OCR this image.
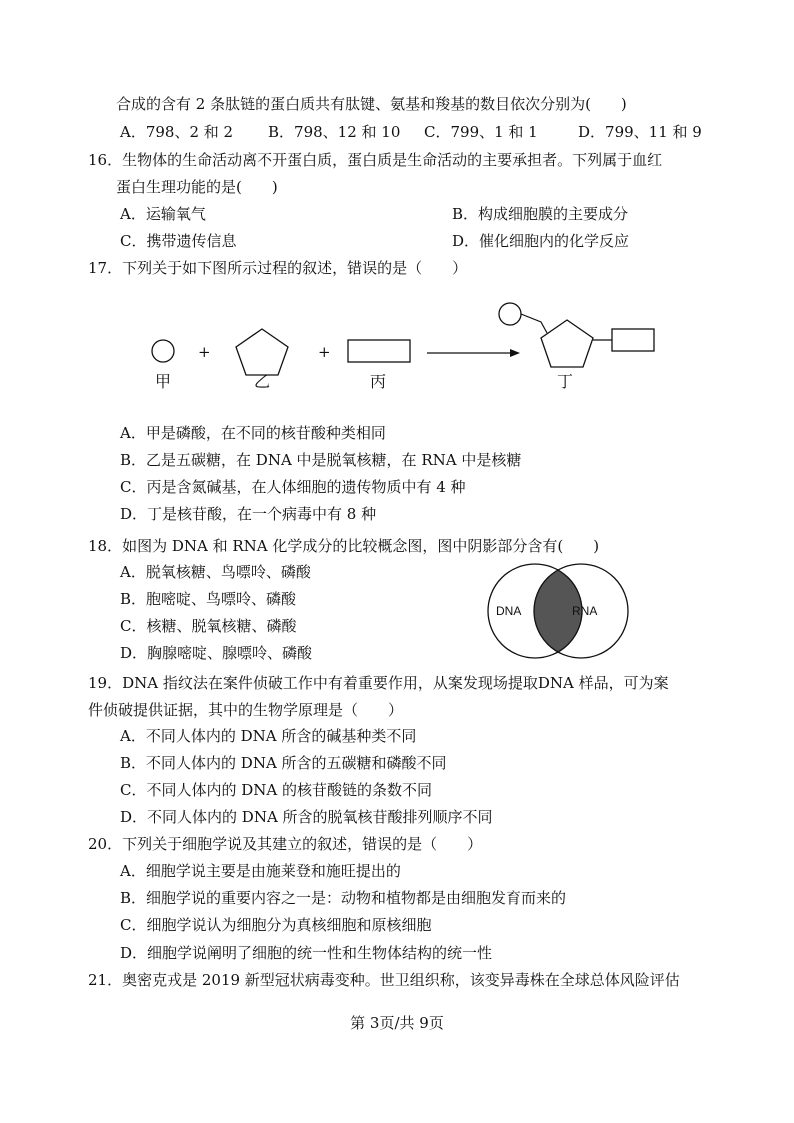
合成的含有 2 条肽链的蛋白质共有肽键、氨基和羧基的数目依次分别为(　　)
A．798、2 和 2 B．798、12 和 10 C．799、1 和 1	D．799、11 和 9
16．生物体的生命活动离不开蛋白质，蛋白质是生命活动的主要承担者。下列属于血红
蛋白生理功能的是(　　)
A．运输氧气	B．构成细胞膜的主要成分
C．携带遗传信息	D．催化细胞内的化学反应
17．下列关于如下图所示过程的叙述，错误的是（　　）
+	+
甲	乙	丙	丁
A．甲是磷酸，在不同的核苷酸种类相同
B．乙是五碳糖，在 DNA 中是脱氧核糖，在 RNA 中是核糖
C．丙是含氮碱基，在人体细胞的遗传物质中有 4 种
D．丁是核苷酸，在一个病毒中有 8 种
18．如图为 DNA 和 RNA 化学成分的比较概念图，图中阴影部分含有(　　)
A．脱氧核糖、鸟嘌呤、磷酸
B．胞嘧啶、鸟嘌呤、磷酸
C．核糖、脱氧核糖、磷酸
D．胸腺嘧啶、腺嘌呤、磷酸
DNA	RNA
19．DNA 指纹法在案件侦破工作中有着重要作用，从案发现场提取DNA 样品，可为案
件侦破提供证据，其中的生物学原理是（　　）
A．不同人体内的 DNA 所含的碱基种类不同
B．不同人体内的 DNA 所含的五碳糖和磷酸不同
C．不同人体内的 DNA 的核苷酸链的条数不同
D．不同人体内的 DNA 所含的脱氧核苷酸排列顺序不同
20．下列关于细胞学说及其建立的叙述，错误的是（　　）
A．细胞学说主要是由施莱登和施旺提出的
B．细胞学说的重要内容之一是：动物和植物都是由细胞发育而来的
C．细胞学说认为细胞分为真核细胞和原核细胞
D．细胞学说阐明了细胞的统一性和生物体结构的统一性
21．奥密克戎是 2019 新型冠状病毒变种。世卫组织称，该变异毒株在全球总体风险评估
第 3页/共 9页
